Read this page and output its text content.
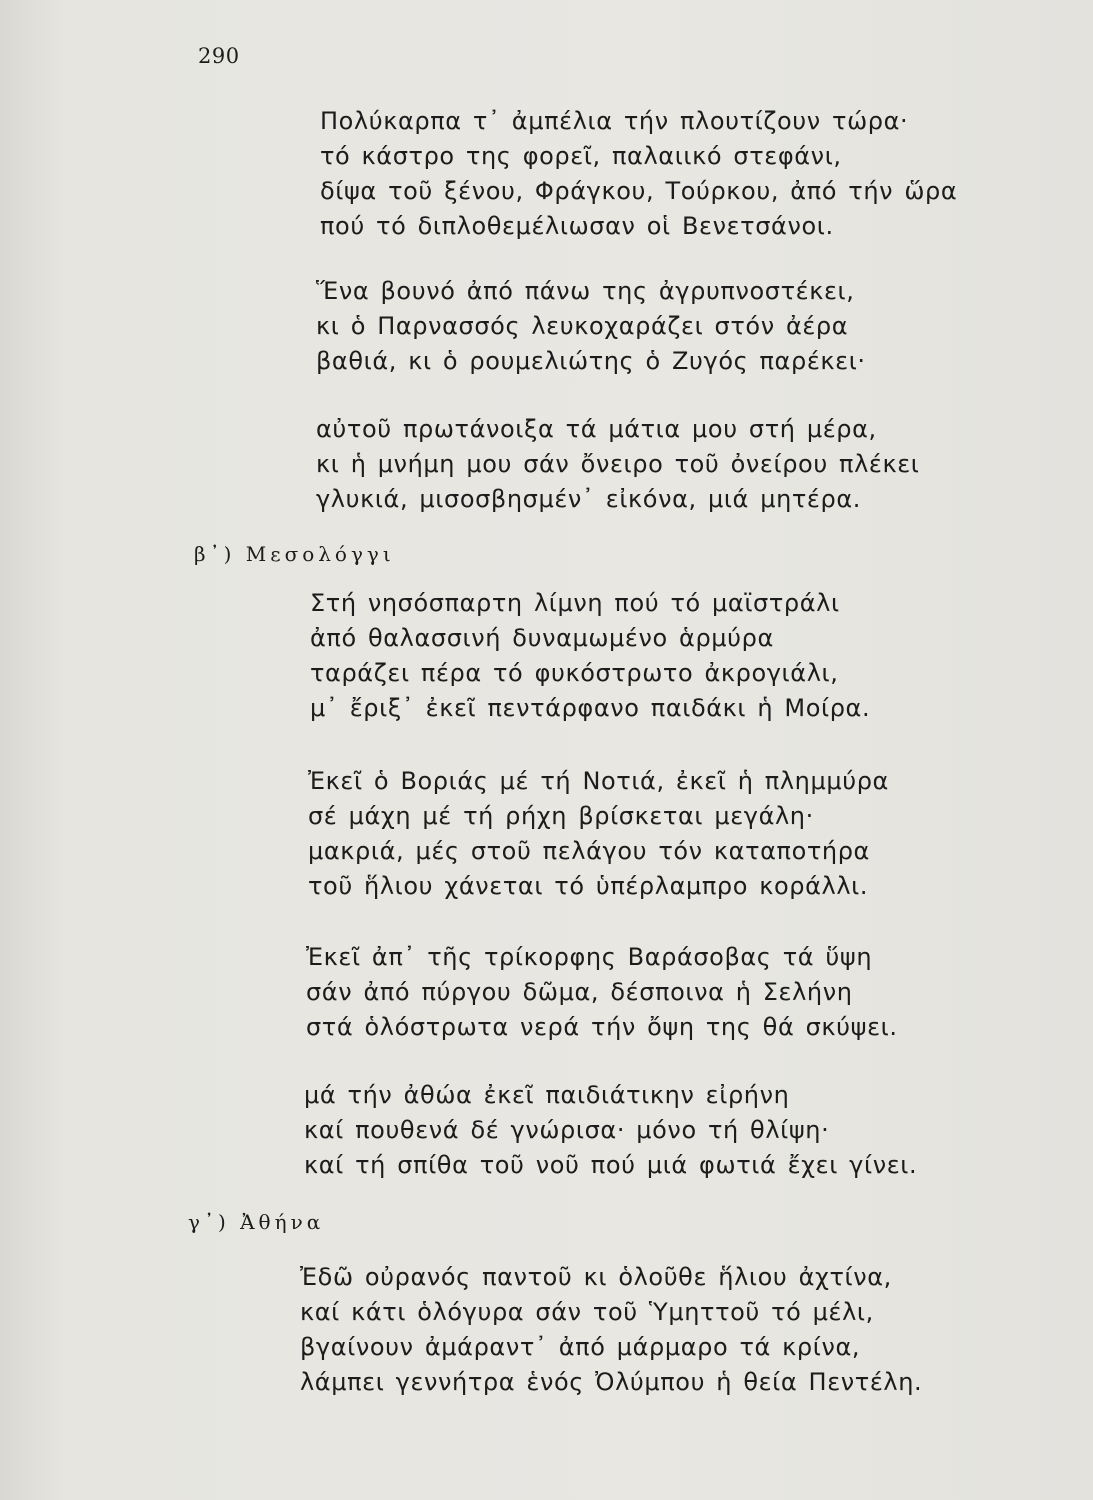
290
Πολύκαρπα τ᾽ ἀμπέλια τήν πλουτίζουν τώρα·
τό κάστρο της φορεῖ, παλαιικό στεφάνι,
δίψα τοῦ ξένου, Φράγκου, Τούρκου, ἀπό τήν ὥρα
πού τό διπλοθεμέλιωσαν οἱ Βενετσάνοι.
Ἕνα βουνό ἀπό πάνω της ἀγρυπνοστέκει,
κι ὁ Παρνασσός λευκοχαράζει στόν ἀέρα
βαθιά, κι ὁ ρουμελιώτης ὁ Ζυγός παρέκει·
αὐτοῦ πρωτάνοιξα τά μάτια μου στή μέρα,
κι ἡ μνήμη μου σάν ὄνειρο τοῦ ὀνείρου πλέκει
γλυκιά, μισοσβησμέν᾽ εἰκόνα, μιά μητέρα.
β᾽) Μεσολόγγι
Στή νησόσπαρτη λίμνη πού τό μαϊστράλι
ἀπό θαλασσινή δυναμωμένο ἁρμύρα
ταράζει πέρα τό φυκόστρωτο ἀκρογιάλι,
μ᾽ ἔριξ᾽ ἐκεῖ πεντάρφανο παιδάκι ἡ Μοίρα.
Ἐκεῖ ὁ Βοριάς μέ τή Νοτιά, ἐκεῖ ἡ πλημμύρα
σέ μάχη μέ τή ρήχη βρίσκεται μεγάλη·
μακριά, μές στοῦ πελάγου τόν καταποτήρα
τοῦ ἥλιου χάνεται τό ὑπέρλαμπρο κοράλλι.
Ἐκεῖ ἀπ᾽ τῆς τρίκορφης Βαράσοβας τά ὕψη
σάν ἀπό πύργου δῶμα, δέσποινα ἡ Σελήνη
στά ὁλόστρωτα νερά τήν ὄψη της θά σκύψει.
μά τήν ἀθώα ἐκεῖ παιδιάτικην εἰρήνη
καί πουθενά δέ γνώρισα· μόνο τή θλίψη·
καί τή σπίθα τοῦ νοῦ πού μιά φωτιά ἔχει γίνει.
γ᾽) Ἀθήνα
Ἐδῶ οὐρανός παντοῦ κι ὁλοῦθε ἥλιου ἀχτίνα,
καί κάτι ὁλόγυρα σάν τοῦ Ὑμηττοῦ τό μέλι,
βγαίνουν ἀμάραντ᾽ ἀπό μάρμαρο τά κρίνα,
λάμπει γεννήτρα ἑνός Ὀλύμπου ἡ θεία Πεντέλη.
